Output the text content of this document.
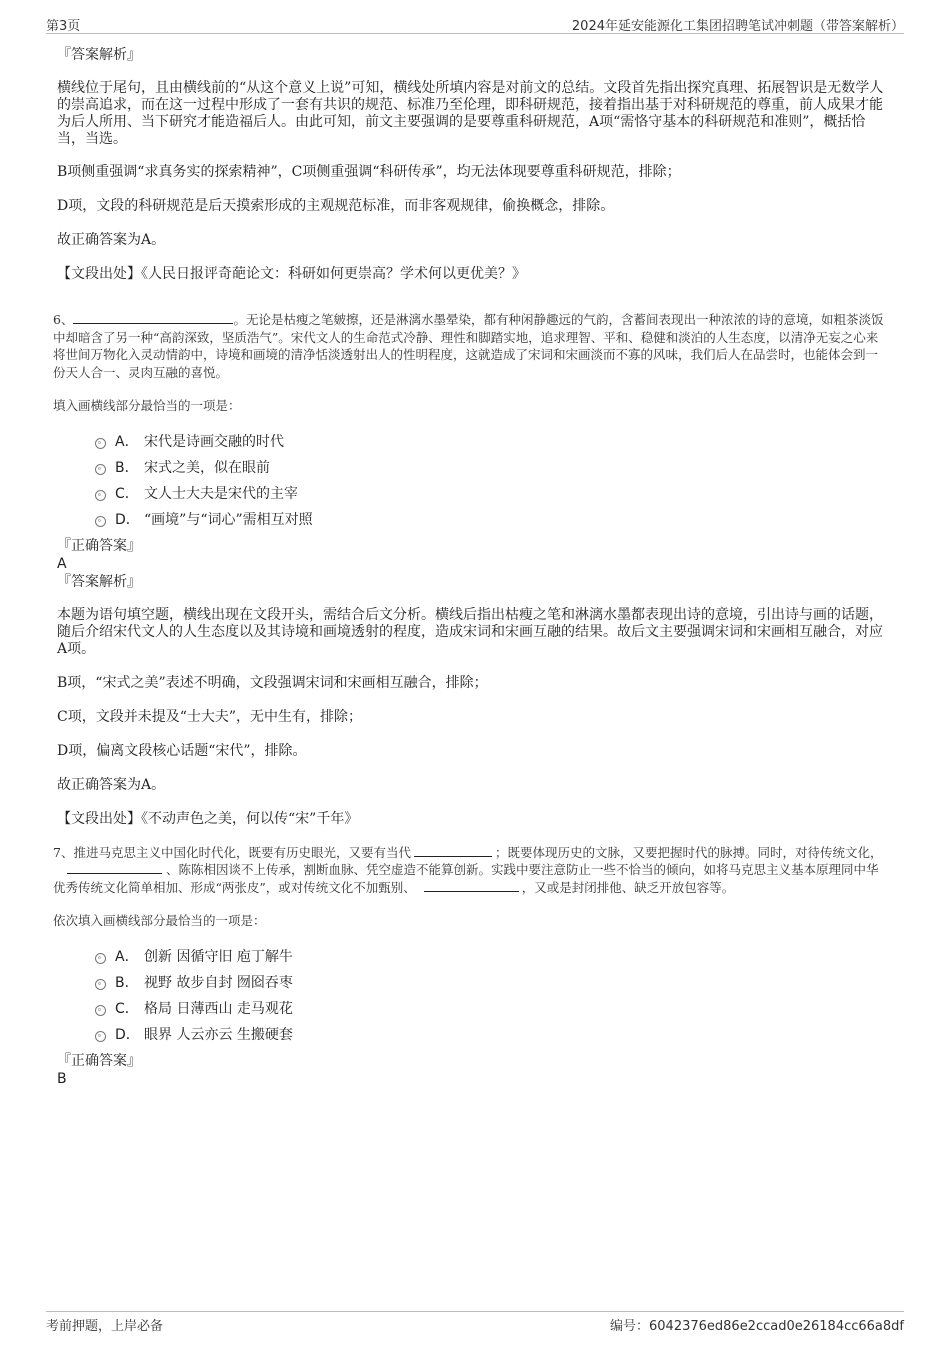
第3页	2024年延安能源化工集团招聘笔试冲刺题（带答案解析）

『答案解析』

横线位于尾句，且由横线前的“从这个意义上说”可知，横线处所填内容是对前文的总结。文段首先指出探究真理、拓展智识是无数学人的崇高追求，而在这一过程中形成了一套有共识的规范、标准乃至伦理，即科研规范，接着指出基于对科研规范的尊重，前人成果才能为后人所用、当下研究才能造福后人。由此可知，前文主要强调的是要尊重科研规范，A项“需恪守基本的科研规范和准则”，概括恰当，当选。

B项侧重强调“求真务实的探索精神”，C项侧重强调“科研传承”，均无法体现要尊重科研规范，排除；

D项，文段的科研规范是后天摸索形成的主观规范标准，而非客观规律，偷换概念，排除。

故正确答案为A。

【文段出处】《人民日报评奇葩论文：科研如何更崇高？学术何以更优美？》

6、	。无论是枯瘦之笔皴擦，还是淋漓水墨晕染，都有种闲静趣远的气韵，含蓄间表现出一种浓浓的诗的意境，如粗茶淡饭中却暗含了另一种“高韵深致，坚质浩气”。宋代文人的生命范式冷静、理性和脚踏实地，追求理智、平和、稳健和淡泊的人生态度，以清净无妄之心来将世间万物化入灵动情韵中，诗境和画境的清净恬淡透射出人的性明程度，这就造成了宋词和宋画淡而不寡的风味，我们后人在品尝时，也能体会到一份天人合一、灵肉互融的喜悦。

填入画横线部分最恰当的一项是：

A． 宋代是诗画交融的时代
B． 宋式之美，似在眼前
C． 文人士大夫是宋代的主宰
D． “画境”与“词心”需相互对照

『正确答案』

A

『答案解析』

本题为语句填空题，横线出现在文段开头，需结合后文分析。横线后指出枯瘦之笔和淋漓水墨都表现出诗的意境，引出诗与画的话题，随后介绍宋代文人的人生态度以及其诗境和画境透射的程度，造成宋词和宋画互融的结果。故后文主要强调宋词和宋画相互融合，对应A项。

B项，“宋式之美”表述不明确，文段强调宋词和宋画相互融合，排除；

C项，文段并未提及“士大夫”，无中生有，排除；

D项，偏离文段核心话题“宋代”，排除。

故正确答案为A。

【文段出处】《不动声色之美，何以传“宋”千年》

7、推进马克思主义中国化时代化，既要有历史眼光，又要有当代	；既要体现历史的文脉，又要把握时代的脉搏。同时，对待传统文化，、陈陈相因谈不上传承，割断血脉、凭空虚造不能算创新。实践中要注意防止一些不恰当的倾向，如将马克思主义基本原理同中华优秀传统文化简单相加、形成“两张皮”，或对传统文化不加甄别、	，又或是封闭排他、缺乏开放包容等。

依次填入画横线部分最恰当的一项是：

A． 创新 因循守旧 庖丁解牛
B． 视野 故步自封 囫囵吞枣
C． 格局 日薄西山 走马观花
D． 眼界 人云亦云 生搬硬套

『正确答案』

B

考前押题，上岸必备	编号：6042376ed86e2ccad0e26184cc66a8df
